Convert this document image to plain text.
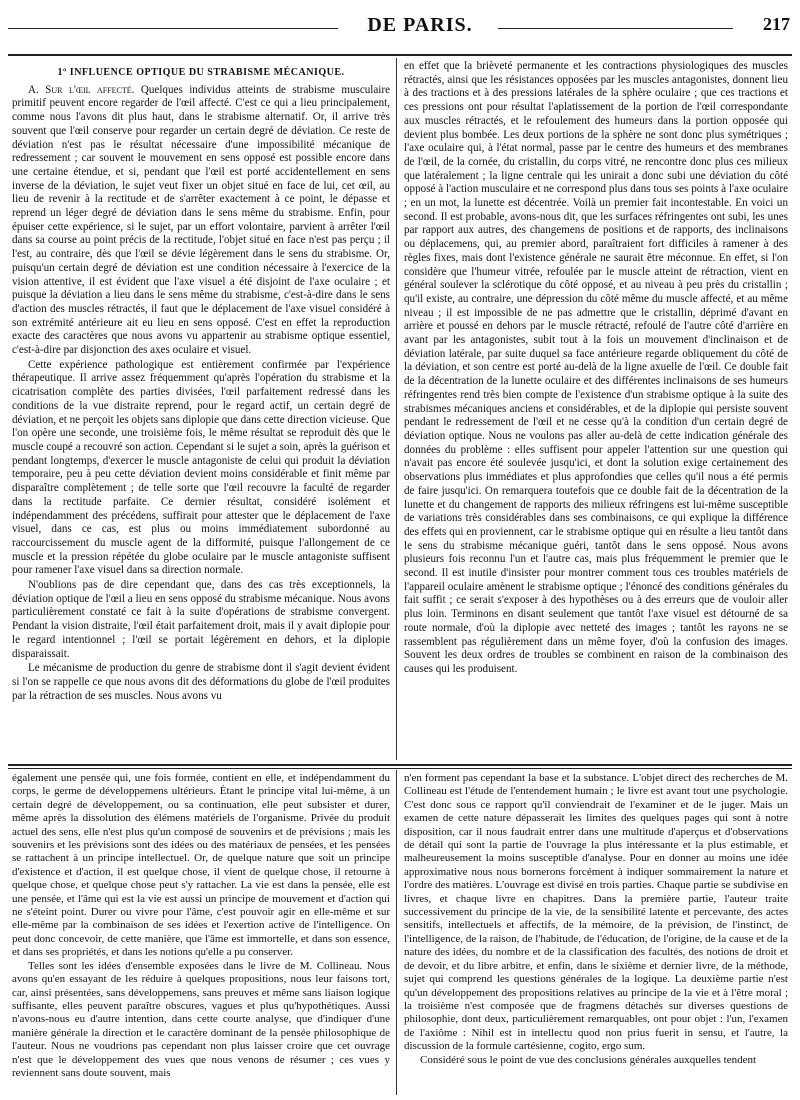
DE PARIS.	217
1º INFLUENCE OPTIQUE DU STRABISME MÉCANIQUE.

A. Sur l'œil affecté. Quelques individus atteints de strabisme musculaire primitif peuvent encore regarder de l'œil affecté. C'est ce qui a lieu principalement, comme nous l'avons dit plus haut, dans le strabisme alternatif. Or, il arrive très souvent que l'œil conserve pour regarder un certain degré de déviation. Ce reste de déviation n'est pas le résultat nécessaire d'une impossibilité mécanique de redressement ; car souvent le mouvement en sens opposé est possible encore dans une certaine étendue, et si, pendant que l'œil est porté accidentellement en sens inverse de la déviation, le sujet veut fixer un objet situé en face de lui, cet œil, au lieu de revenir à la rectitude et de s'arrêter exactement à ce point, le dépasse et reprend un léger degré de déviation dans le sens même du strabisme. Enfin, pour épuiser cette expérience, si le sujet, par un effort volontaire, parvient à arrêter l'œil dans sa course au point précis de la rectitude, l'objet situé en face n'est pas perçu ; il l'est, au contraire, dès que l'œil se dévie légèrement dans le sens du strabisme. Or, puisqu'un certain degré de déviation est une condition nécessaire à l'exercice de la vision attentive, il est évident que l'axe visuel a été disjoint de l'axe oculaire ; et puisque la déviation a lieu dans le sens même du strabisme, c'est-à-dire dans le sens d'action des muscles rétractés, il faut que le déplacement de l'axe visuel considéré à son extrémité antérieure ait eu lieu en sens opposé. C'est en effet la reproduction exacte des caractères que nous avons vu appartenir au strabisme optique essentiel, c'est-à-dire par disjonction des axes oculaire et visuel.

Cette expérience pathologique est entièrement confirmée par l'expérience thérapeutique. Il arrive assez fréquemment qu'après l'opération du strabisme et la cicatrisation complète des parties divisées, l'œil parfaitement redressé dans les conditions de la vue distraite reprend, pour le regard actif, un certain degré de déviation, et ne perçoit les objets sans diplopie que dans cette direction vicieuse. Que l'on opère une seconde, une troisième fois, le même résultat se reproduit dès que le muscle coupé a recouvré son action. Cependant si le sujet a soin, après la guérison et pendant longtemps, d'exercer le muscle antagoniste de celui qui produit la déviation temporaire, peu à peu cette déviation devient moins considérable et finit même par disparaître complètement ; de telle sorte que l'œil recouvre la faculté de regarder dans la rectitude parfaite. Ce dernier résultat, considéré isolément et indépendamment des précédens, suffirait pour attester que le déplacement de l'axe visuel, dans ce cas, est plus ou moins immédiatement subordonné au raccourcissement du muscle agent de la difformité, puisque l'allongement de ce muscle et la pression répétée du globe oculaire par le muscle antagoniste suffisent pour ramener l'axe visuel dans sa direction normale.

N'oublions pas de dire cependant que, dans des cas très exceptionnels, la déviation optique de l'œil a lieu en sens opposé du strabisme mécanique. Nous avons particulièrement constaté ce fait à la suite d'opérations de strabisme convergent. Pendant la vision distraite, l'œil était parfaitement droit, mais il y avait diplopie pour le regard intentionnel ; l'œil se portait légèrement en dehors, et la diplopie disparaissait.

Le mécanisme de production du genre de strabisme dont il s'agit devient évident si l'on se rappelle ce que nous avons dit des déformations du globe de l'œil produites par la rétraction de ses muscles. Nous avons vu

en effet que la brièveté permanente et les contractions physiologiques des muscles rétractés, ainsi que les résistances opposées par les muscles antagonistes, donnent lieu à des tractions et à des pressions latérales de la sphère oculaire ; que ces tractions et ces pressions ont pour résultat l'aplatissement de la portion de l'œil correspondante aux muscles rétractés, et le refoulement des humeurs dans la portion opposée qui devient plus bombée. Les deux portions de la sphère ne sont donc plus symétriques ; l'axe oculaire qui, à l'état normal, passe par le centre des humeurs et des membranes de l'œil, de la cornée, du cristallin, du corps vitré, ne rencontre donc plus ces milieux que latéralement ; la ligne centrale qui les unirait a donc subi une déviation du côté opposé à l'action musculaire et ne correspond plus dans tous ses points à l'axe oculaire ; en un mot, la lunette est décentrée. Voilà un premier fait incontestable. En voici un second. Il est probable, avons-nous dit, que les surfaces réfringentes ont subi, les unes par rapport aux autres, des changemens de positions et de rapports, des inclinaisons ou déplacemens, qui, au premier abord, paraîtraient fort difficiles à ramener à des règles fixes, mais dont l'existence générale ne saurait être méconnue. En effet, si l'on considère que l'humeur vitrée, refoulée par le muscle atteint de rétraction, vient en général soulever la sclérotique du côté opposé, et au niveau à peu près du cristallin ; qu'il existe, au contraire, une dépression du côté même du muscle affecté, et au même niveau ; il est impossible de ne pas admettre que le cristallin, déprimé d'avant en arrière et poussé en dehors par le muscle rétracté, refoulé de l'autre côté d'arrière en avant par les antagonistes, subit tout à la fois un mouvement d'inclinaison et de déviation latérale, par suite duquel sa face antérieure regarde obliquement du côté de la déviation, et son centre est porté au-delà de la ligne axuelle de l'œil. Ce double fait de la décentration de la lunette oculaire et des différentes inclinaisons de ses humeurs réfringentes rend très bien compte de l'existence d'un strabisme optique à la suite des strabismes mécaniques anciens et considérables, et de la diplopie qui persiste souvent pendant le redressement de l'œil et ne cesse qu'à la condition d'un certain degré de déviation optique. Nous ne voulons pas aller au-delà de cette indication générale des données du problème : elles suffisent pour appeler l'attention sur une question qui n'avait pas encore été soulevée jusqu'ici, et dont la solution exige certainement des observations plus immédiates et plus approfondies que celles qu'il nous a été permis de faire jusqu'ici. On remarquera toutefois que ce double fait de la décentration de la lunette et du changement de rapports des milieux réfringens est lui-même susceptible de variations très considérables dans ses combinaisons, ce qui explique la différence des effets qui en proviennent, car le strabisme optique qui en résulte a lieu tantôt dans le sens du strabisme mécanique guéri, tantôt dans le sens opposé. Nous avons plusieurs fois reconnu l'un et l'autre cas, mais plus fréquemment le premier que le second. Il est inutile d'insister pour montrer comment tous ces troubles matériels de l'appareil oculaire amènent le strabisme optique ; l'énoncé des conditions générales du fait suffit ; ce serait s'exposer à des hypothèses ou à des erreurs que de vouloir aller plus loin. Terminons en disant seulement que tantôt l'axe visuel est détourné de sa route normale, d'où la diplopie avec netteté des images ; tantôt les rayons ne se rassemblent pas régulièrement dans un même foyer, d'où la confusion des images. Souvent les deux ordres de troubles se combinent en raison de la combinaison des causes qui les produisent.

également une pensée qui, une fois formée, contient en elle, et indépendamment du corps, le germe de développemens ultérieurs. Étant le principe vital lui-même, à un certain degré de développement, ou sa continuation, elle peut subsister et durer, même après la dissolution des élémens matériels de l'organisme. Privée du produit actuel des sens, elle n'est plus qu'un composé de souvenirs et de prévisions ; mais les souvenirs et les prévisions sont des idées ou des matériaux de pensées, et les pensées se rattachent à un principe intellectuel. Or, de quelque nature que soit un principe d'existence et d'action, il est quelque chose, il vient de quelque chose, il retourne à quelque chose, et quelque chose peut s'y rattacher. La vie est dans la pensée, elle est une pensée, et l'âme qui est la vie est aussi un principe de mouvement et d'action qui ne s'éteint point. Durer ou vivre pour l'âme, c'est pouvoir agir en elle-même et sur elle-même par la combinaison de ses idées et l'exertion active de l'intelligence. On peut donc concevoir, de cette manière, que l'âme est immortelle, et dans son essence, et dans ses propriétés, et dans les notions qu'elle a pu conserver.

Telles sont les idées d'ensemble exposées dans le livre de M. Collineau. Nous avons qu'en essayant de les réduire à quelques propositions, nous leur faisons tort, car, ainsi présentées, sans développemens, sans preuves et même sans liaison logique suffisante, elles peuvent paraître obscures, vagues et plus qu'hypothétiques. Aussi n'avons-nous eu d'autre intention, dans cette courte analyse, que d'indiquer d'une manière générale la direction et le caractère dominant de la pensée philosophique de l'auteur. Nous ne voudrions pas cependant non plus laisser croire que cet ouvrage n'est que le développement des vues que nous venons de résumer ; ces vues y reviennent sans doute souvent, mais

n'en forment pas cependant la base et la substance. L'objet direct des recherches de M. Collineau est l'étude de l'entendement humain ; le livre est avant tout une psychologie. C'est donc sous ce rapport qu'il conviendrait de l'examiner et de le juger. Mais un examen de cette nature dépasserait les limites des quelques pages qui sont à notre disposition, car il nous faudrait entrer dans une multitude d'aperçus et d'observations de détail qui sont la partie de l'ouvrage la plus intéressante et la plus estimable, et malheureusement la moins susceptible d'analyse. Pour en donner au moins une idée approximative nous nous bornerons forcément à indiquer sommairement la nature et l'ordre des matières. L'ouvrage est divisé en trois parties. Chaque partie se subdivise en livres, et chaque livre en chapitres. Dans la première partie, l'auteur traite successivement du principe de la vie, de la sensibilité latente et percevante, des actes sensitifs, intellectuels et affectifs, de la mémoire, de la prévision, de l'instinct, de l'intelligence, de la raison, de l'habitude, de l'éducation, de l'origine, de la cause et de la nature des idées, du nombre et de la classification des facultés, des notions de droit et de devoir, et du libre arbitre, et enfin, dans le sixième et dernier livre, de la méthode, sujet qui comprend les questions générales de la logique. La deuxième partie n'est qu'un développement des propositions relatives au principe de la vie et à l'être moral ; la troisième n'est composée que de fragmens détachés sur diverses questions de philosophie, dont deux, particulièrement remarquables, ont pour objet : l'un, l'examen de l'axiôme : Nihil est in intellectu quod non prius fuerit in sensu, et l'autre, la discussion de la formule cartésienne, cogito, ergo sum.

Considéré sous le point de vue des conclusions générales auxquelles tendent
